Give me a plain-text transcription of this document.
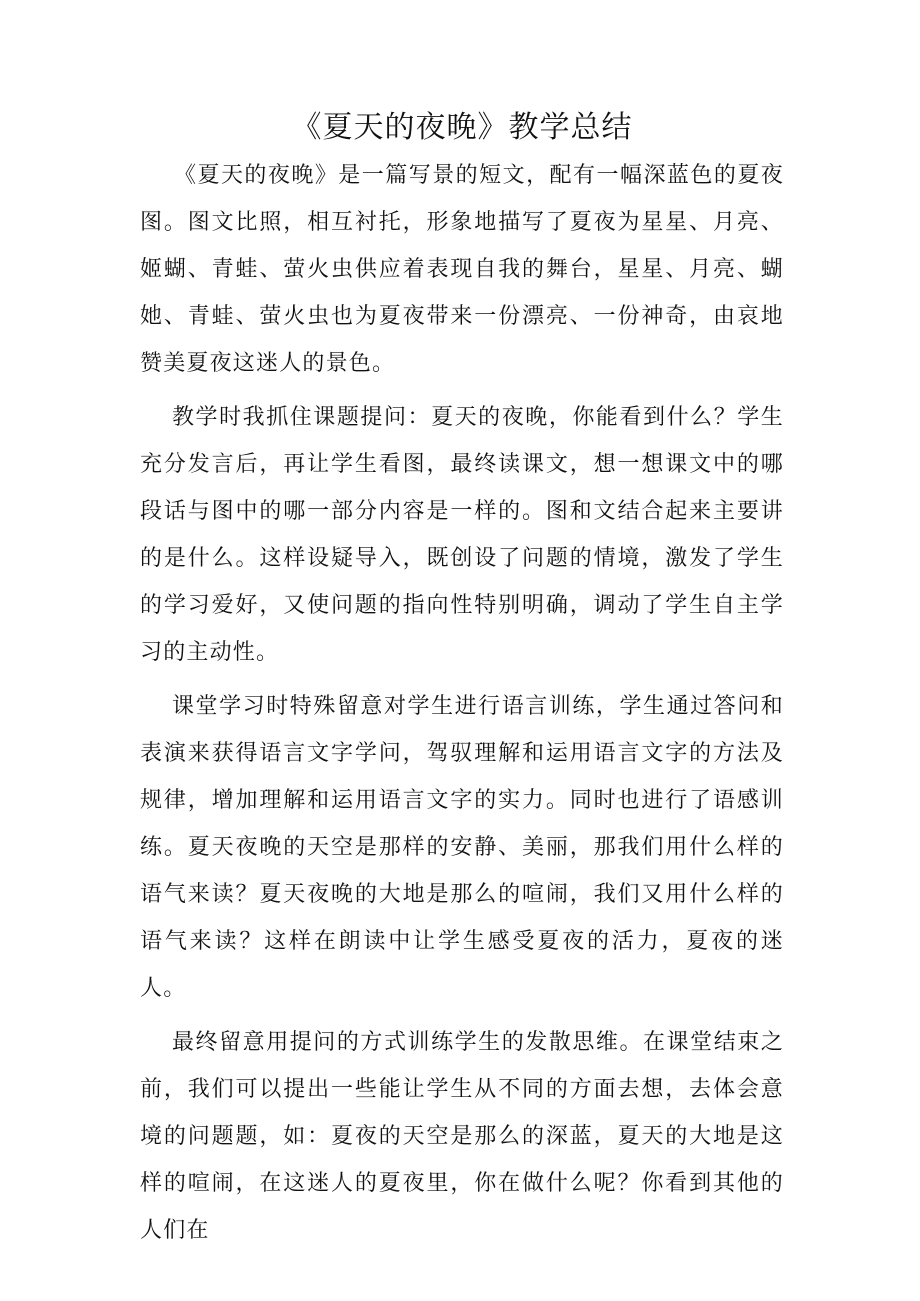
《夏天的夜晚》教学总结

《夏天的夜晚》是一篇写景的短文，配有一幅深蓝色的夏夜图。图文比照，相互衬托，形象地描写了夏夜为星星、月亮、姬蝴、青蛙、萤火虫供应着表现自我的舞台，星星、月亮、蝴她、青蛙、萤火虫也为夏夜带来一份漂亮、一份神奇，由哀地赞美夏夜这迷人的景色。

教学时我抓住课题提问：夏天的夜晚，你能看到什么？学生充分发言后，再让学生看图，最终读课文，想一想课文中的哪段话与图中的哪一部分内容是一样的。图和文结合起来主要讲的是什么。这样设疑导入，既创设了问题的情境，激发了学生的学习爱好，又使问题的指向性特别明确，调动了学生自主学习的主动性。

课堂学习时特殊留意对学生进行语言训练，学生通过答问和表演来获得语言文字学问，驾驭理解和运用语言文字的方法及规律，增加理解和运用语言文字的实力。同时也进行了语感训练。夏天夜晚的天空是那样的安静、美丽，那我们用什么样的语气来读？夏天夜晚的大地是那么的喧闹，我们又用什么样的语气来读？这样在朗读中让学生感受夏夜的活力，夏夜的迷人。

最终留意用提问的方式训练学生的发散思维。在课堂结束之前，我们可以提出一些能让学生从不同的方面去想，去体会意境的问题题，如：夏夜的天空是那么的深蓝，夏天的大地是这样的喧闹，在这迷人的夏夜里，你在做什么呢？你看到其他的人们在
